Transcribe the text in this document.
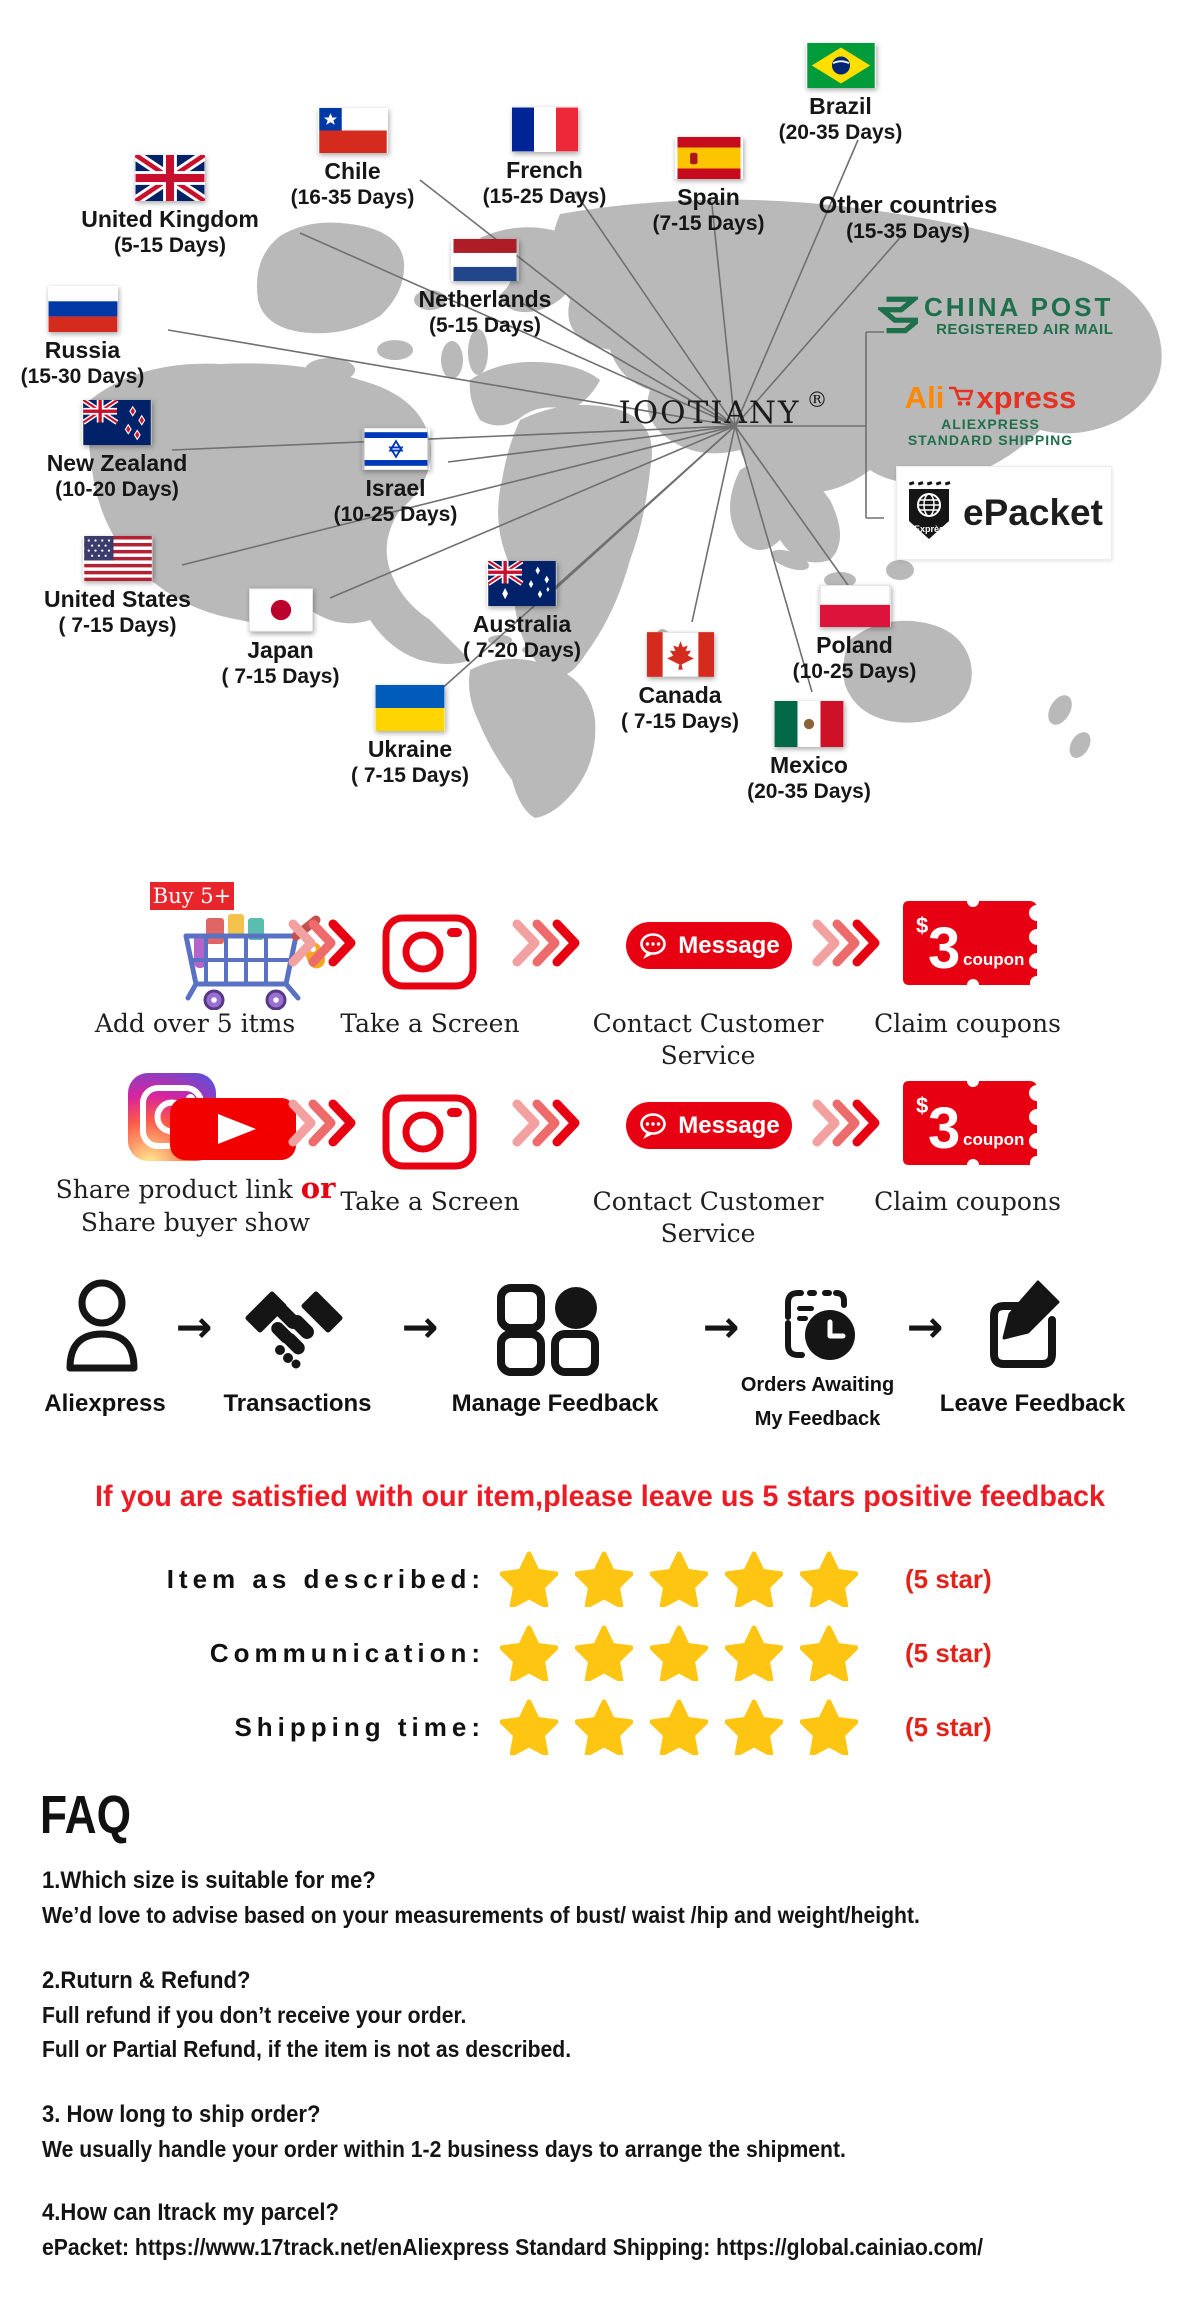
IOOTIANY ®
United Kingdom
(5-15 Days)
Russia
(15-30 Days)
Chile
(16-35 Days)
French
(15-25 Days)	Spain
(7-15 Days)
Brazil
(20-35 Days)
Other countries
(15-35 Days)
Netherlands
(5-15 Days)
New Zealand
(10-20 Days)	Israel
(10-25 Days)
United States
( 7-15 Days)
Japan
( 7-15 Days)
Australia
( 7-20 Days)
Ukraine
( 7-15 Days)
Canada
( 7-15 Days)
Poland
(10-25 Days)
Mexico
(20-35 Days)
CHINA POST
REGISTERED AIR MAIL
Ali xpress
ALIEXPRESS
STANDARD SHIPPING
Exprès ePacket
Buy 5+
Add over 5 itms	Take a Screen
Message
Contact Customer Service
$ 3 coupon
Claim coupons
Share product link or
Share buyer show
Take a Screen
Message
Contact Customer Service
$ 3 coupon
Claim coupons
Aliexpress
→
Transactions
→
Manage Feedback
→
Orders Awaiting
My Feedback
→
Leave Feedback
If you are satisfied with our item,please leave us 5 stars positive feedback
Item as described:	(5 star)
Communication:	(5 star)
Shipping time:	(5 star)
FAQ
1.Which size is suitable for me?
We’d love to advise based on your measurements of bust/ waist /hip and weight/height.
2.Ruturn & Refund?
Full refund if you don’t receive your order.
Full or Partial Refund, if the item is not as described.
3. How long to ship order?
We usually handle your order within 1-2 business days to arrange the shipment.
4.How can Itrack my parcel?
ePacket: https://www.17track.net/enAliexpress Standard Shipping: https://global.cainiao.com/
